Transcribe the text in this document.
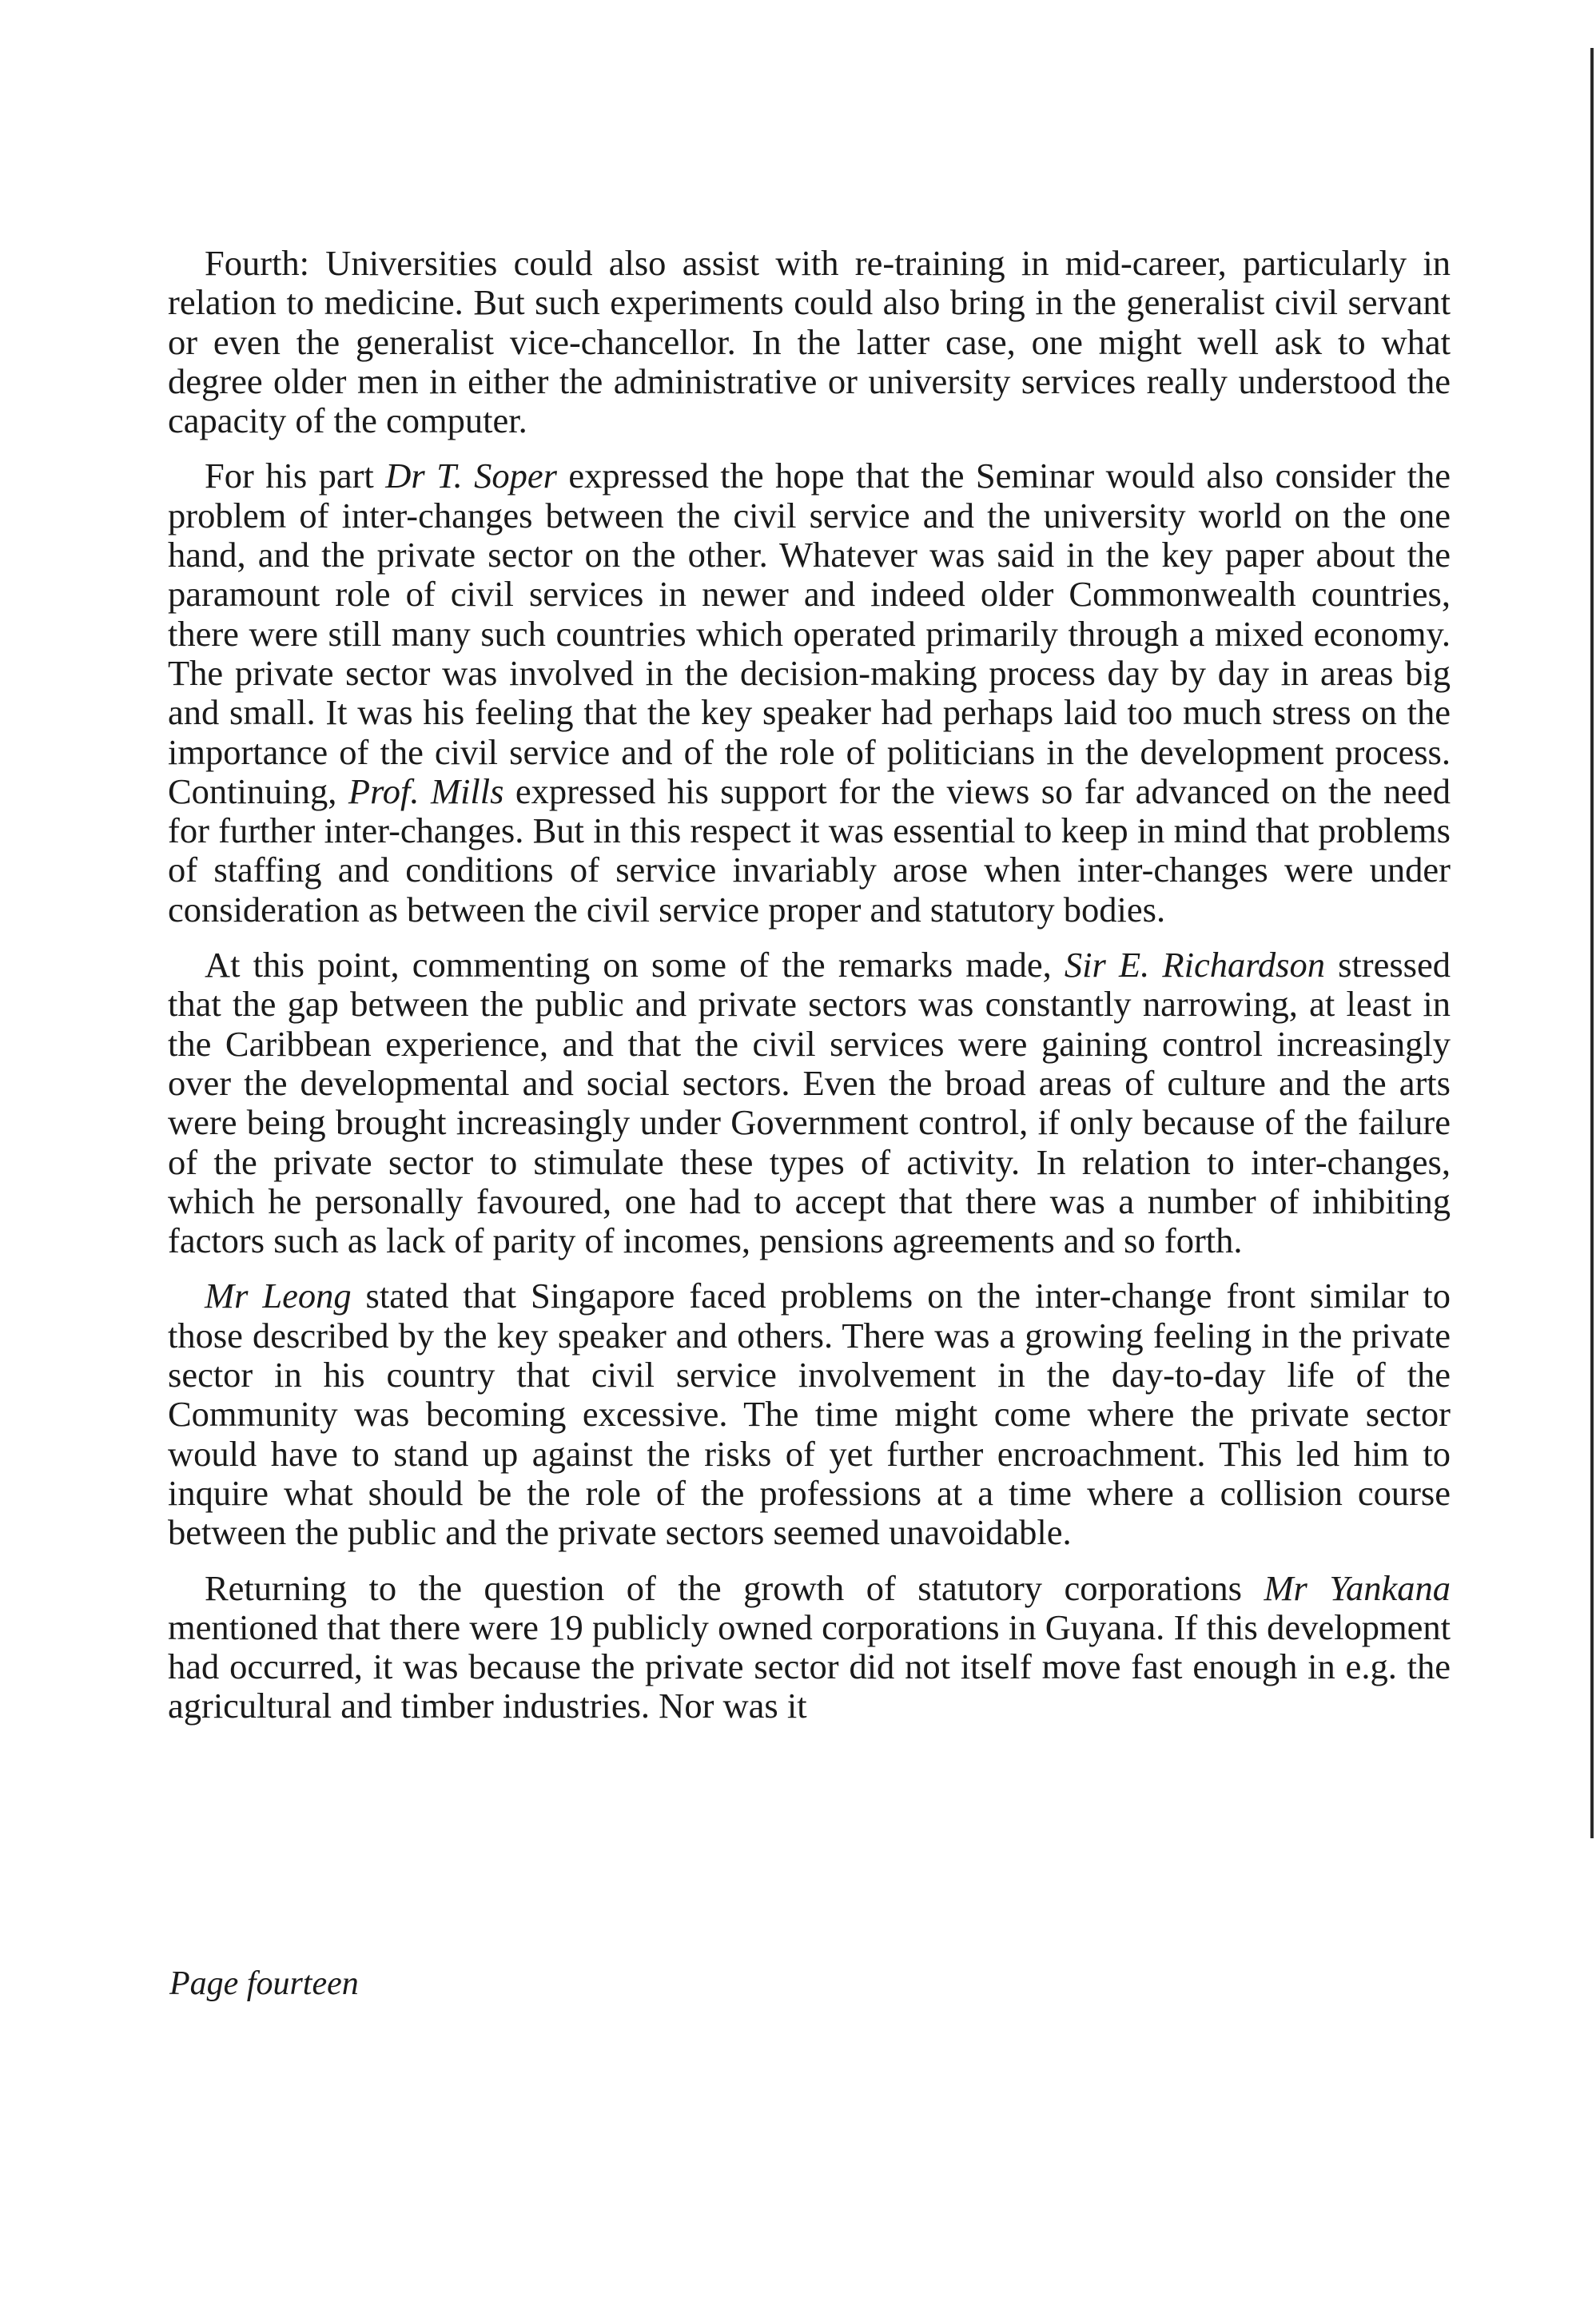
Fourth: Universities could also assist with re-training in mid-career, particularly in relation to medicine. But such experiments could also bring in the generalist civil servant or even the generalist vice-chancellor. In the latter case, one might well ask to what degree older men in either the administrative or university services really understood the capacity of the computer.

For his part Dr T. Soper expressed the hope that the Seminar would also consider the problem of inter-changes between the civil service and the university world on the one hand, and the private sector on the other. Whatever was said in the key paper about the paramount role of civil services in newer and indeed older Commonwealth countries, there were still many such countries which operated primarily through a mixed economy. The private sector was involved in the decision-making process day by day in areas big and small. It was his feeling that the key speaker had perhaps laid too much stress on the importance of the civil service and of the role of politicians in the development process. Continuing, Prof. Mills expressed his support for the views so far advanced on the need for further inter-changes. But in this respect it was essential to keep in mind that problems of staffing and conditions of service invariably arose when inter-changes were under consideration as between the civil service proper and statutory bodies.

At this point, commenting on some of the remarks made, Sir E. Richardson stressed that the gap between the public and private sectors was constantly narrowing, at least in the Caribbean experience, and that the civil services were gaining control increasingly over the developmental and social sectors. Even the broad areas of culture and the arts were being brought increasingly under Government control, if only because of the failure of the private sector to stimulate these types of activity. In relation to inter-changes, which he personally favoured, one had to accept that there was a number of inhibiting factors such as lack of parity of incomes, pensions agreements and so forth.

Mr Leong stated that Singapore faced problems on the inter-change front similar to those described by the key speaker and others. There was a growing feeling in the private sector in his country that civil service involvement in the day-to-day life of the Community was becoming excessive. The time might come where the private sector would have to stand up against the risks of yet further encroachment. This led him to inquire what should be the role of the professions at a time where a collision course between the public and the private sectors seemed unavoidable.

Returning to the question of the growth of statutory corporations Mr Yankana mentioned that there were 19 publicly owned corporations in Guyana. If this development had occurred, it was because the private sector did not itself move fast enough in e.g. the agricultural and timber industries. Nor was it

Page fourteen
